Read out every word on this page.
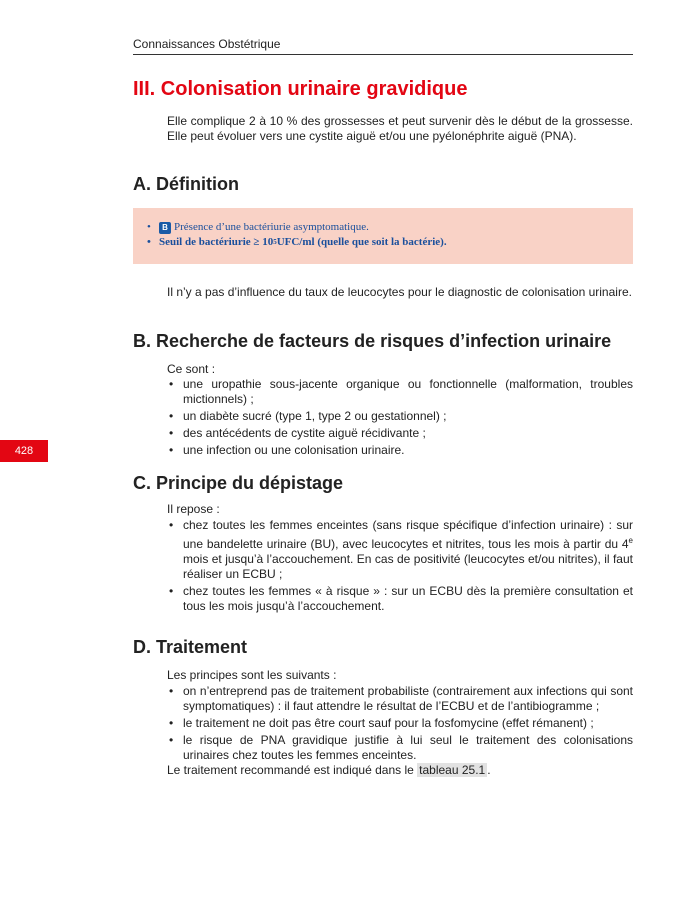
Connaissances Obstétrique
428
III. Colonisation urinaire gravidique

Elle complique 2 à 10 % des grossesses et peut survenir dès le début de la grossesse. Elle peut évoluer vers une cystite aiguë et/ou une pyélonéphrite aiguë (PNA).

A. Définition
•	B Présence d’une bactériurie asymptomatique.
• Seuil de bactériurie ≥ 10 5 UFC/ml (quelle que soit la bactérie).

Il n’y a pas d’influence du taux de leucocytes pour le diagnostic de colonisation urinaire.

B. Recherche de facteurs de risques d’infection urinaire

Ce sont :

• une uropathie sous-jacente organique ou fonctionnelle (malformation, troubles mictionnels) ;
• un diabète sucré (type 1, type 2 ou gestationnel) ;
• des antécédents de cystite aiguë récidivante ;
• une infection ou une colonisation urinaire.
C. Principe du dépistage

Il repose :

• chez toutes les femmes enceintes (sans risque spécifique d’infection urinaire) : sur une bandelette urinaire (BU), avec leucocytes et nitrites, tous les mois à partir du 4e mois et jusqu’à l’accouchement. En cas de positivité (leucocytes et/ou nitrites), il faut réaliser un ECBU ;
• chez toutes les femmes « à risque » : sur un ECBU dès la première consultation et tous les mois jusqu’à l’accouchement.
D. Traitement

Les principes sont les suivants :

• on n’entreprend pas de traitement probabiliste (contrairement aux infections qui sont symptomatiques) : il faut attendre le résultat de l’ECBU et de l’antibiogramme ;
• le traitement ne doit pas être court sauf pour la fosfomycine (effet rémanent) ;
• le risque de PNA gravidique justifie à lui seul le traitement des colonisations urinaires chez toutes les femmes enceintes.

Le traitement recommandé est indiqué dans le tableau 25.1 .
